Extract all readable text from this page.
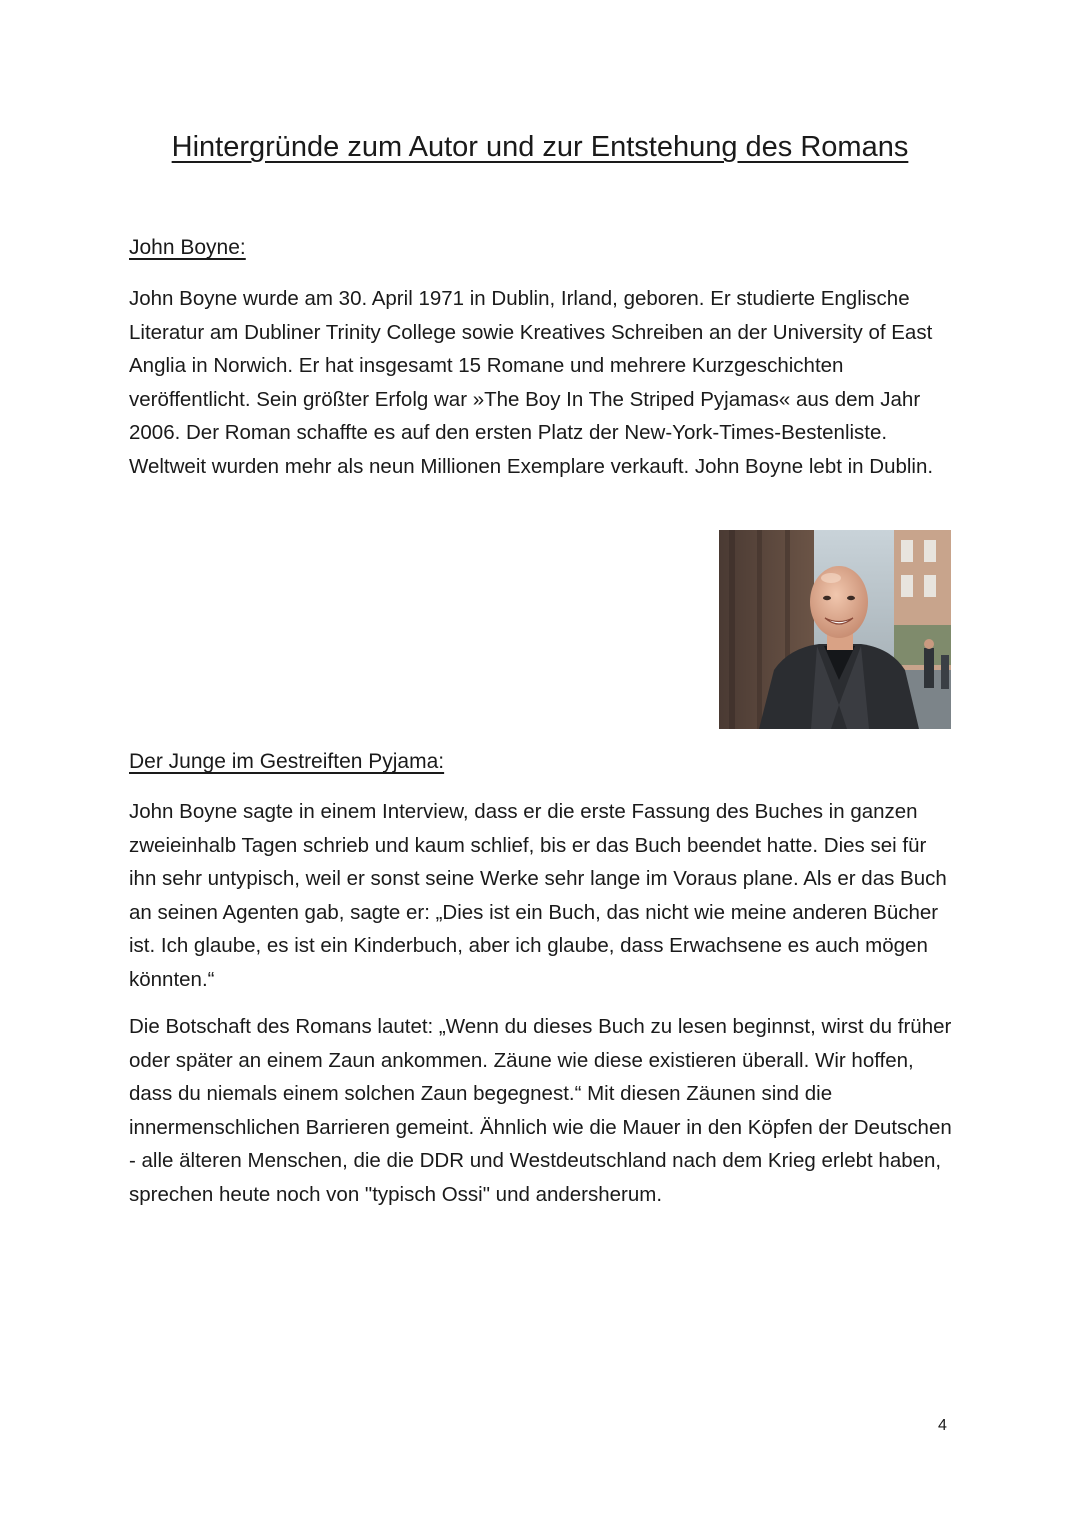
Hintergründe zum Autor und zur Entstehung des Romans
John Boyne:

John Boyne wurde am 30. April 1971 in Dublin, Irland, geboren. Er studierte Englische Literatur am Dubliner Trinity College sowie Kreatives Schreiben an der University of East Anglia in Norwich. Er hat insgesamt 15 Romane und mehrere Kurzgeschichten veröffentlicht. Sein größter Erfolg war »The Boy In The Striped Pyjamas« aus dem Jahr 2006. Der Roman schaffte es auf den ersten Platz der New-York-Times-Bestenliste. Weltweit wurden mehr als neun Millionen Exemplare verkauft. John Boyne lebt in Dublin.

Der Junge im Gestreiften Pyjama:

John Boyne sagte in einem Interview, dass er die erste Fassung des Buches in ganzen zweieinhalb Tagen schrieb und kaum schlief, bis er das Buch beendet hatte. Dies sei für ihn sehr untypisch, weil er sonst seine Werke sehr lange im Voraus plane. Als er das Buch an seinen Agenten gab, sagte er: „Dies ist ein Buch, das nicht wie meine anderen Bücher ist. Ich glaube, es ist ein Kinderbuch, aber ich glaube, dass Erwachsene es auch mögen könnten.“

Die Botschaft des Romans lautet: „Wenn du dieses Buch zu lesen beginnst, wirst du früher oder später an einem Zaun ankommen. Zäune wie diese existieren überall. Wir hoffen, dass du niemals einem solchen Zaun begegnest.“ Mit diesen Zäunen sind die innermenschlichen Barrieren gemeint. Ähnlich wie die Mauer in den Köpfen der Deutschen - alle älteren Menschen, die die DDR und Westdeutschland nach dem Krieg erlebt haben, sprechen heute noch von "typisch Ossi" und andersherum.

4
